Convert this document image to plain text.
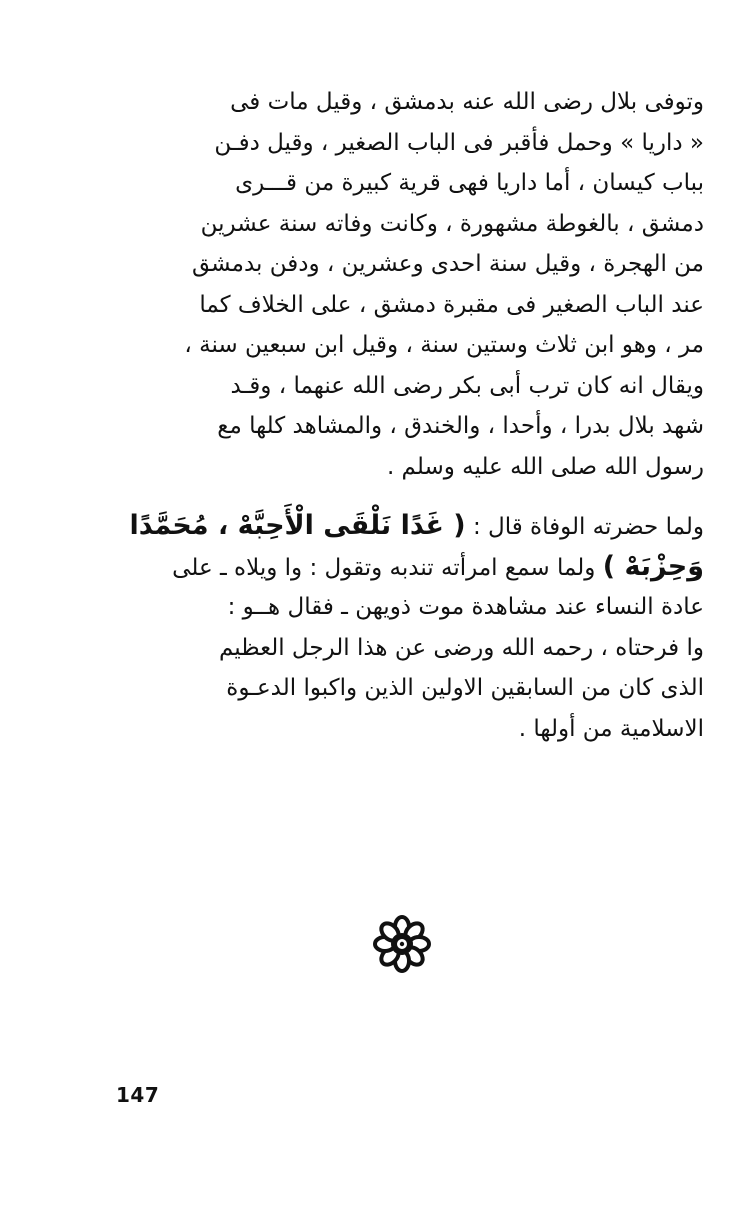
وتوفى بلال رضى الله عنه بدمشق ، وقيل مات فى
« داريا » وحمل فأقبر فى الباب الصغير ، وقيل دفـن
بباب كيسان ، أما داريا فهى قرية كبيرة من قـــرى
دمشق ، بالغوطة مشهورة ، وكانت وفاته سنة عشرين
من الهجرة ، وقيل سنة احدى وعشرين ، ودفن بدمشق
عند الباب الصغير فى مقبرة دمشق ، على الخلاف كما
مر ، وهو ابن ثلاث وستين سنة ، وقيل ابن سبعين سنة ،
ويقال انه كان ترب أبى بكر رضى الله عنهما ، وقـد
شهد بلال بدرا ، وأحدا ، والخندق ، والمشاهد كلها مع
رسول الله صلى الله عليه وسلم .
ولما حضرته الوفاة قال : ( غَدًا نَلْقَى الْأَحِبَّهْ ، مُحَمَّدًا
وَحِزْبَهْ ) ولما سمع امرأته تندبه وتقول : وا ويلاه ـ على
عادة النساء عند مشاهدة موت ذويهن ـ فقال هــو :
وا فرحتاه ، رحمه الله ورضى عن هذا الرجل العظيم
الذى كان من السابقين الاولين الذين واكبوا الدعـوة
الاسلامية من أولها .
147
